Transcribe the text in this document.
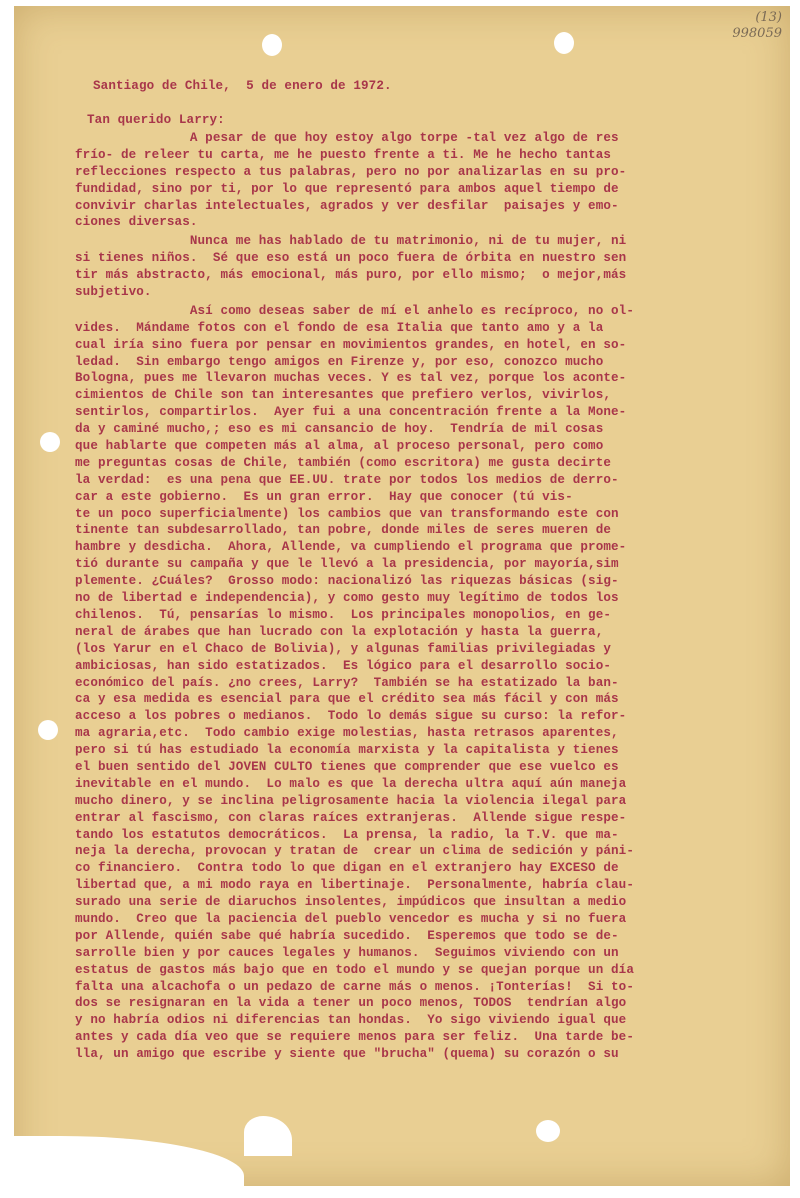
(13)
998059
Santiago de Chile,  5 de enero de 1972.
Tan querido Larry:
A pesar de que hoy estoy algo torpe -tal vez algo de res
frío- de releer tu carta, me he puesto frente a ti. Me he hecho tantas
reflecciones respecto a tus palabras, pero no por analizarlas en su pro-
fundidad, sino por ti, por lo que representó para ambos aquel tiempo de
convivir charlas intelectuales, agrados y ver desfilar  paisajes y emo-
ciones diversas.
Nunca me has hablado de tu matrimonio, ni de tu mujer, ni
si tienes niños.  Sé que eso está un poco fuera de órbita en nuestro sen
tir más abstracto, más emocional, más puro, por ello mismo;  o mejor,más
subjetivo.
Así como deseas saber de mí el anhelo es recíproco, no ol-
vides.  Mándame fotos con el fondo de esa Italia que tanto amo y a la
cual iría sino fuera por pensar en movimientos grandes, en hotel, en so-
ledad.  Sin embargo tengo amigos en Firenze y, por eso, conozco mucho
Bologna, pues me llevaron muchas veces. Y es tal vez, porque los aconte-
cimientos de Chile son tan interesantes que prefiero verlos, vivirlos,
sentirlos, compartirlos.  Ayer fui a una concentración frente a la Mone-
da y caminé mucho,; eso es mi cansancio de hoy.  Tendría de mil cosas
que hablarte que competen más al alma, al proceso personal, pero como
me preguntas cosas de Chile, también (como escritora) me gusta decirte
la verdad:  es una pena que EE.UU. trate por todos los medios de derro-
car a este gobierno.  Es un gran error.  Hay que conocer (tú vis-
te un poco superficialmente) los cambios que van transformando este con
tinente tan subdesarrollado, tan pobre, donde miles de seres mueren de
hambre y desdicha.  Ahora, Allende, va cumpliendo el programa que prome-
tió durante su campaña y que le llevó a la presidencia, por mayoría,sim
plemente. ¿Cuáles?  Grosso modo: nacionalizó las riquezas básicas (sig-
no de libertad e independencia), y como gesto muy legítimo de todos los
chilenos.  Tú, pensarías lo mismo.  Los principales monopolios, en ge-
neral de árabes que han lucrado con la explotación y hasta la guerra,
(los Yarur en el Chaco de Bolivia), y algunas familias privilegiadas y
ambiciosas, han sido estatizados.  Es lógico para el desarrollo socio-
económico del país. ¿no crees, Larry?  También se ha estatizado la ban-
ca y esa medida es esencial para que el crédito sea más fácil y con más
acceso a los pobres o medianos.  Todo lo demás sigue su curso: la refor-
ma agraria,etc.  Todo cambio exige molestias, hasta retrasos aparentes,
pero si tú has estudiado la economía marxista y la capitalista y tienes
el buen sentido del JOVEN CULTO tienes que comprender que ese vuelco es
inevitable en el mundo.  Lo malo es que la derecha ultra aquí aún maneja
mucho dinero, y se inclina peligrosamente hacia la violencia ilegal para
entrar al fascismo, con claras raíces extranjeras.  Allende sigue respe-
tando los estatutos democráticos.  La prensa, la radio, la T.V. que ma-
neja la derecha, provocan y tratan de  crear un clima de sedición y páni-
co financiero.  Contra todo lo que digan en el extranjero hay EXCESO de
libertad que, a mi modo raya en libertinaje.  Personalmente, habría clau-
surado una serie de diaruchos insolentes, impúdicos que insultan a medio
mundo.  Creo que la paciencia del pueblo vencedor es mucha y si no fuera
por Allende, quién sabe qué habría sucedido.  Esperemos que todo se de-
sarrolle bien y por cauces legales y humanos.  Seguimos viviendo con un
estatus de gastos más bajo que en todo el mundo y se quejan porque un día
falta una alcachofa o un pedazo de carne más o menos. ¡Tonterías!  Si to-
dos se resignaran en la vida a tener un poco menos, TODOS  tendrían algo
y no habría odios ni diferencias tan hondas.  Yo sigo viviendo igual que
antes y cada día veo que se requiere menos para ser feliz.  Una tarde be-
lla, un amigo que escribe y siente que "brucha" (quema) su corazón o su
